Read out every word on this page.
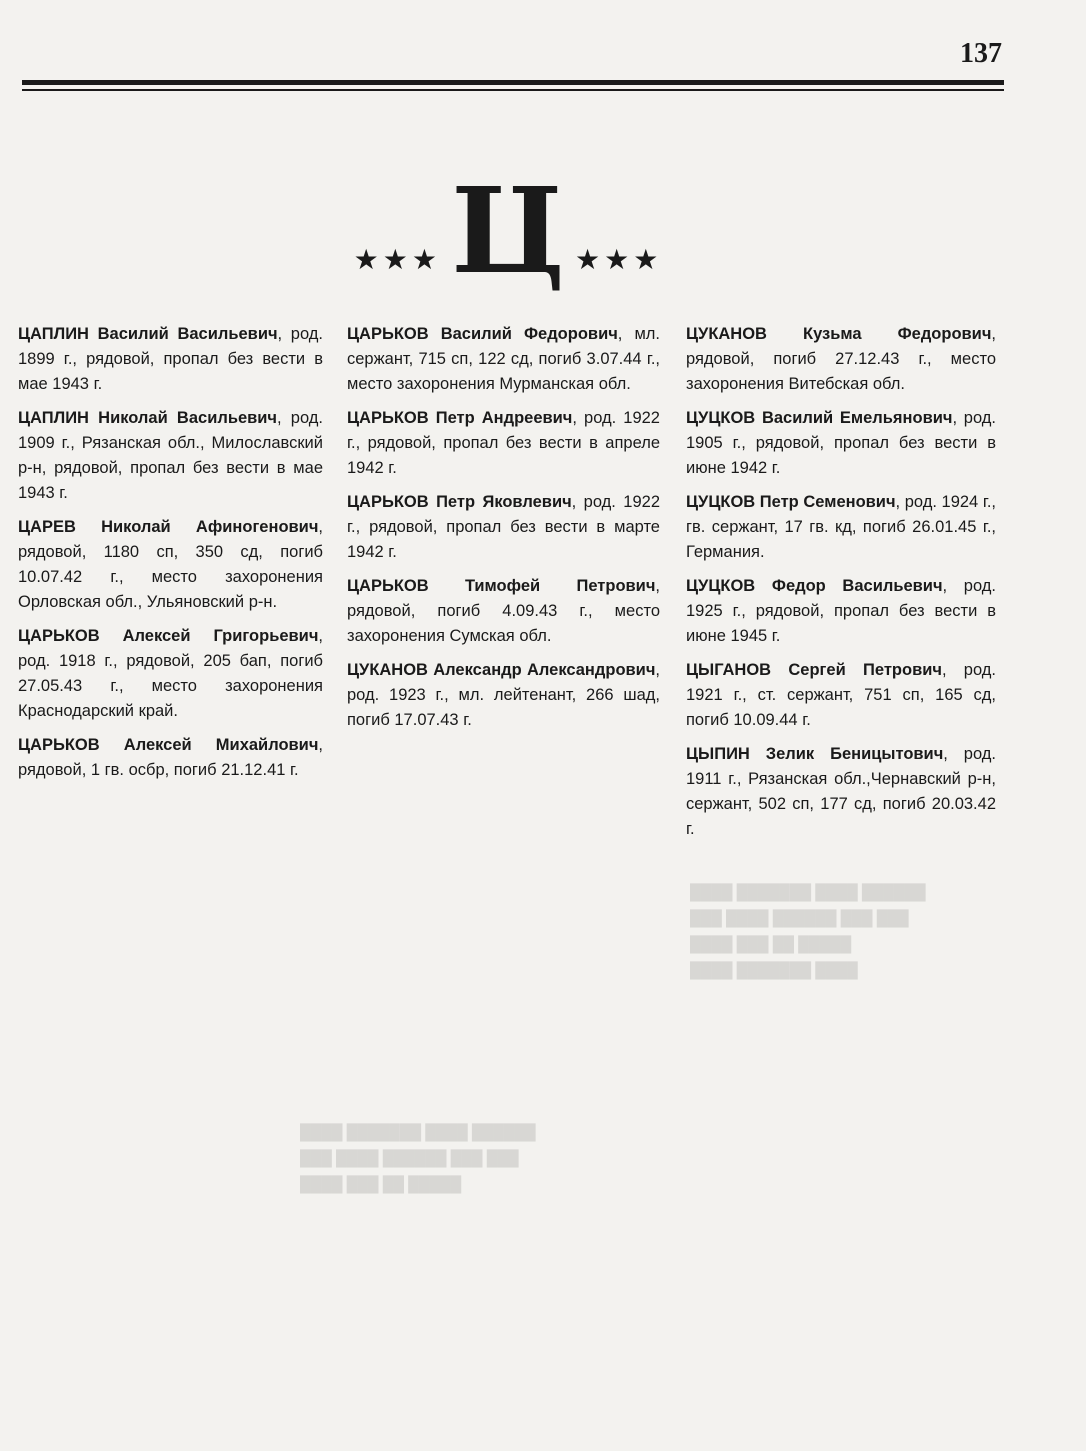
137
████ ███████ ████ ██████
███ ████ ██████ ███ ███
████ ███ ██ █████
████ ███████ ████ ██████
███ ████ ██████ ███ ███
████ ███ ██ █████
████ ███████ ████
★★★ Ц ★★★

ЦАПЛИН Василий Васильевич, род. 1899 г., рядовой, пропал без вести в мае 1943 г.

ЦАПЛИН Николай Васильевич, род. 1909 г., Рязанская обл., Милославский р-н, рядовой, пропал без вести в мае 1943 г.

ЦАРЕВ Николай Афиногенович, рядовой, 1180 сп, 350 сд, погиб 10.07.42 г., место захоронения Орловская обл., Ульяновский р-н.

ЦАРЬКОВ Алексей Григорьевич, род. 1918 г., рядовой, 205 бап, погиб 27.05.43 г., место захоронения Краснодарский край.

ЦАРЬКОВ Алексей Михайлович, рядовой, 1 гв. осбр, погиб 21.12.41 г.

ЦАРЬКОВ Василий Федорович, мл. сержант, 715 сп, 122 сд, погиб 3.07.44 г., место захоронения Мурманская обл.

ЦАРЬКОВ Петр Андреевич, род. 1922 г., рядовой, пропал без вести в апреле 1942 г.

ЦАРЬКОВ Петр Яковлевич, род. 1922 г., рядовой, пропал без вести в марте 1942 г.

ЦАРЬКОВ Тимофей Петрович, рядовой, погиб 4.09.43 г., место захоронения Сумская обл.

ЦУКАНОВ Александр Александрович, род. 1923 г., мл. лейтенант, 266 шад, погиб 17.07.43 г.

ЦУКАНОВ Кузьма Федорович, рядовой, погиб 27.12.43 г., место захоронения Витебская обл.

ЦУЦКОВ Василий Емельянович, род. 1905 г., рядовой, пропал без вести в июне 1942 г.

ЦУЦКОВ Петр Семенович, род. 1924 г., гв. сержант, 17 гв. кд, погиб 26.01.45 г., Германия.

ЦУЦКОВ Федор Васильевич, род. 1925 г., рядовой, пропал без вести в июне 1945 г.

ЦЫГАНОВ Сергей Петрович, род. 1921 г., ст. сержант, 751 сп, 165 сд, погиб 10.09.44 г.

ЦЫПИН Зелик Беницытович, род. 1911 г., Рязанская обл.,Чернавский р-н, сержант, 502 сп, 177 сд, погиб 20.03.42 г.
